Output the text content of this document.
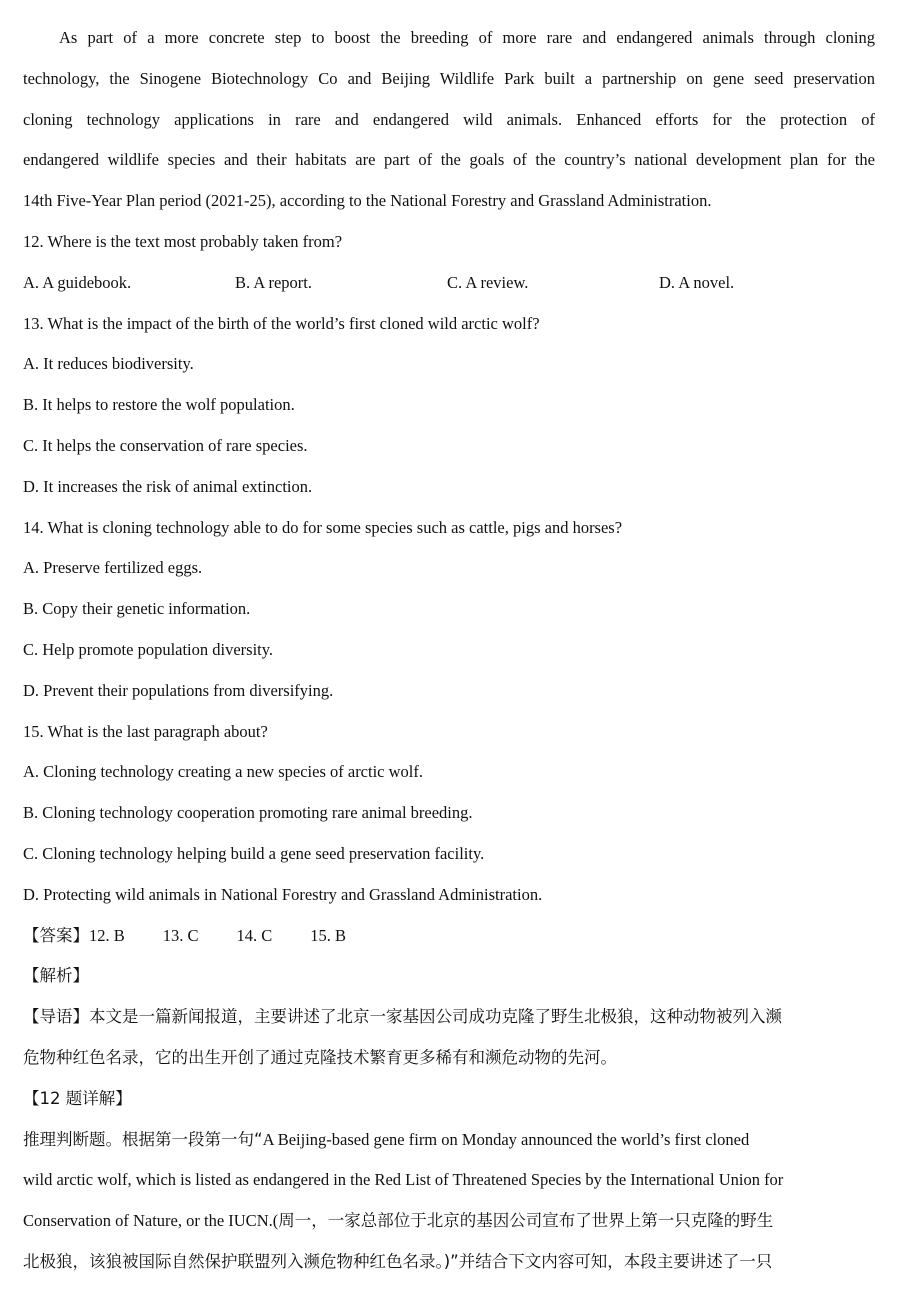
As part of a more concrete step to boost the breeding of more rare and endangered animals through cloning
technology, the Sinogene Biotechnology Co and Beijing Wildlife Park built a partnership on gene seed preservation
cloning technology applications in rare and endangered wild animals. Enhanced efforts for the protection of
endangered wildlife species and their habitats are part of the goals of the country’s national development plan for the
14th Five-Year Plan period (2021-25), according to the National Forestry and Grassland Administration.
12. Where is the text most probably taken from?
A. A guidebook.	B. A report.	C. A review.	D. A novel.
13. What is the impact of the birth of the world’s first cloned wild arctic wolf?
A. It reduces biodiversity.
B. It helps to restore the wolf population.
C. It helps the conservation of rare species.
D. It increases the risk of animal extinction.
14. What is cloning technology able to do for some species such as cattle, pigs and horses?
A. Preserve fertilized eggs.
B. Copy their genetic information.
C. Help promote population diversity.
D. Prevent their populations from diversifying.
15. What is the last paragraph about?
A. Cloning technology creating a new species of arctic wolf.
B. Cloning technology cooperation promoting rare animal breeding.
C. Cloning technology helping build a gene seed preservation facility.
D. Protecting wild animals in National Forestry and Grassland Administration.
【答案】 12. B 13. C 14. C 15. B
【解析】
【导语】本文是一篇新闻报道，主要讲述了北京一家基因公司成功克隆了野生北极狼，这种动物被列入濒
危物种红色名录，它的出生开创了通过克隆技术繁育更多稀有和濒危动物的先河。
【12 题详解】
推理判断题。根据第一段第一句“A Beijing-based gene firm on Monday announced the world’s first cloned
wild arctic wolf, which is listed as endangered in the Red List of Threatened Species by the International Union for
Conservation of Nature, or the IUCN.(周一，一家总部位于北京的基因公司宣布了世界上第一只克隆的野生
北极狼，该狼被国际自然保护联盟列入濒危物种红色名录。)”并结合下文内容可知，本段主要讲述了一只
